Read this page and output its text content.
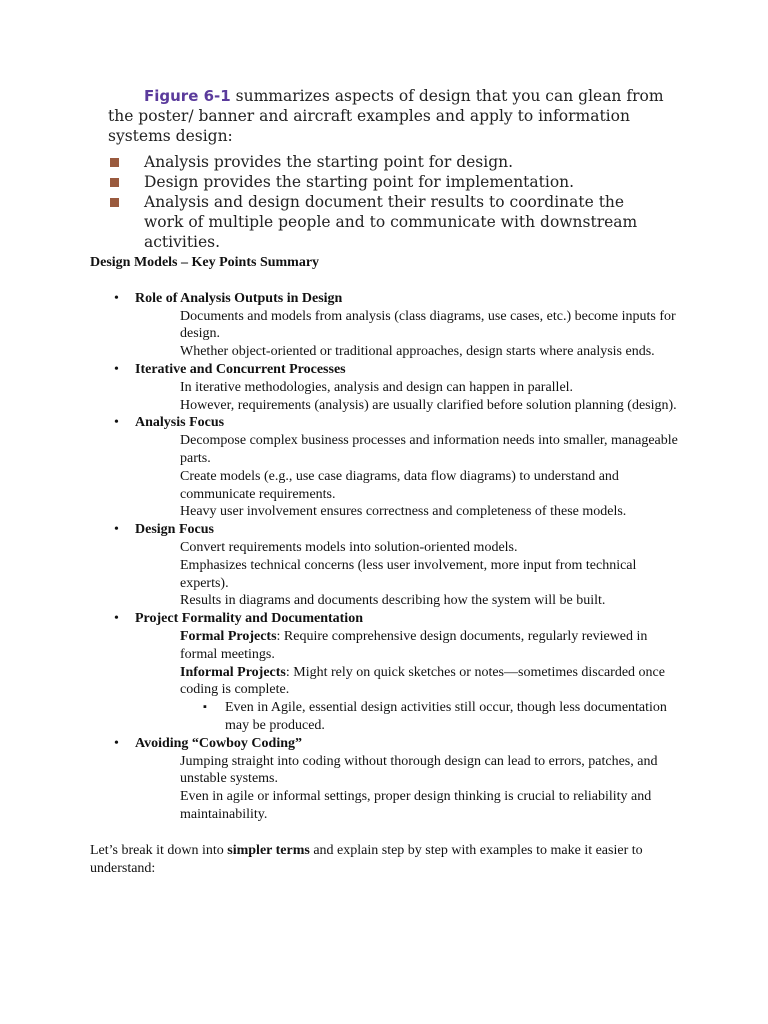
Figure 6-1 summarizes aspects of design that you can glean from the poster/ banner and aircraft examples and apply to information systems design:

Analysis provides the starting point for design.
Design provides the starting point for implementation.
Analysis and design document their results to coordinate the work of multiple people and to communicate with downstream activities.

Design Models – Key Points Summary

• Role of Analysis Outputs in Design

Documents and models from analysis (class diagrams, use cases, etc.) become inputs for design.

Whether object-oriented or traditional approaches, design starts where analysis ends.

• Iterative and Concurrent Processes

In iterative methodologies, analysis and design can happen in parallel.

However, requirements (analysis) are usually clarified before solution planning (design).

• Analysis Focus

Decompose complex business processes and information needs into smaller, manageable parts.

Create models (e.g., use case diagrams, data flow diagrams) to understand and communicate requirements.

Heavy user involvement ensures correctness and completeness of these models.

• Design Focus

Convert requirements models into solution-oriented models.

Emphasizes technical concerns (less user involvement, more input from technical experts).

Results in diagrams and documents describing how the system will be built.

• Project Formality and Documentation

Formal Projects: Require comprehensive design documents, regularly reviewed in formal meetings.

Informal Projects: Might rely on quick sketches or notes—sometimes discarded once coding is complete.

▪ Even in Agile, essential design activities still occur, though less documentation may be produced.
• Avoiding “Cowboy Coding”

Jumping straight into coding without thorough design can lead to errors, patches, and unstable systems.

Even in agile or informal settings, proper design thinking is crucial to reliability and maintainability.

Let’s break it down into simpler terms and explain step by step with examples to make it easier to understand:
